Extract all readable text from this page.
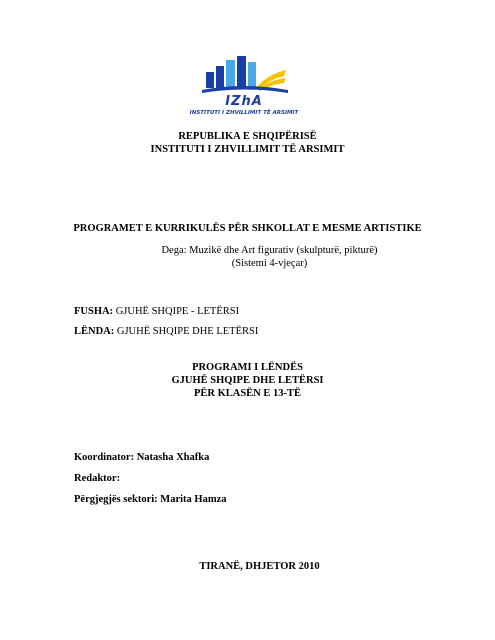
IZhA
INSTITUTI I ZHVILLIMIT TË ARSIMIT
REPUBLIKA E SHQIPËRISË
INSTITUTI I ZHVILLIMIT TË ARSIMIT
PROGRAMET E KURRIKULËS PËR SHKOLLAT E MESME ARTISTIKE
Dega: Muzikë dhe Art figurativ (skulpturë, pikturë)
(Sistemi 4-vjeçar)
FUSHA: GJUHË SHQIPE - LETËRSI
LËNDA: GJUHË SHQIPE DHE LETËRSI
PROGRAMI I LËNDËS
GJUHË SHQIPE DHE LETËRSI
PËR KLASËN E 13-TË
Koordinator: Natasha Xhafka
Redaktor:
Përgjegjës sektori: Marita Hamza
TIRANË, DHJETOR 2010
